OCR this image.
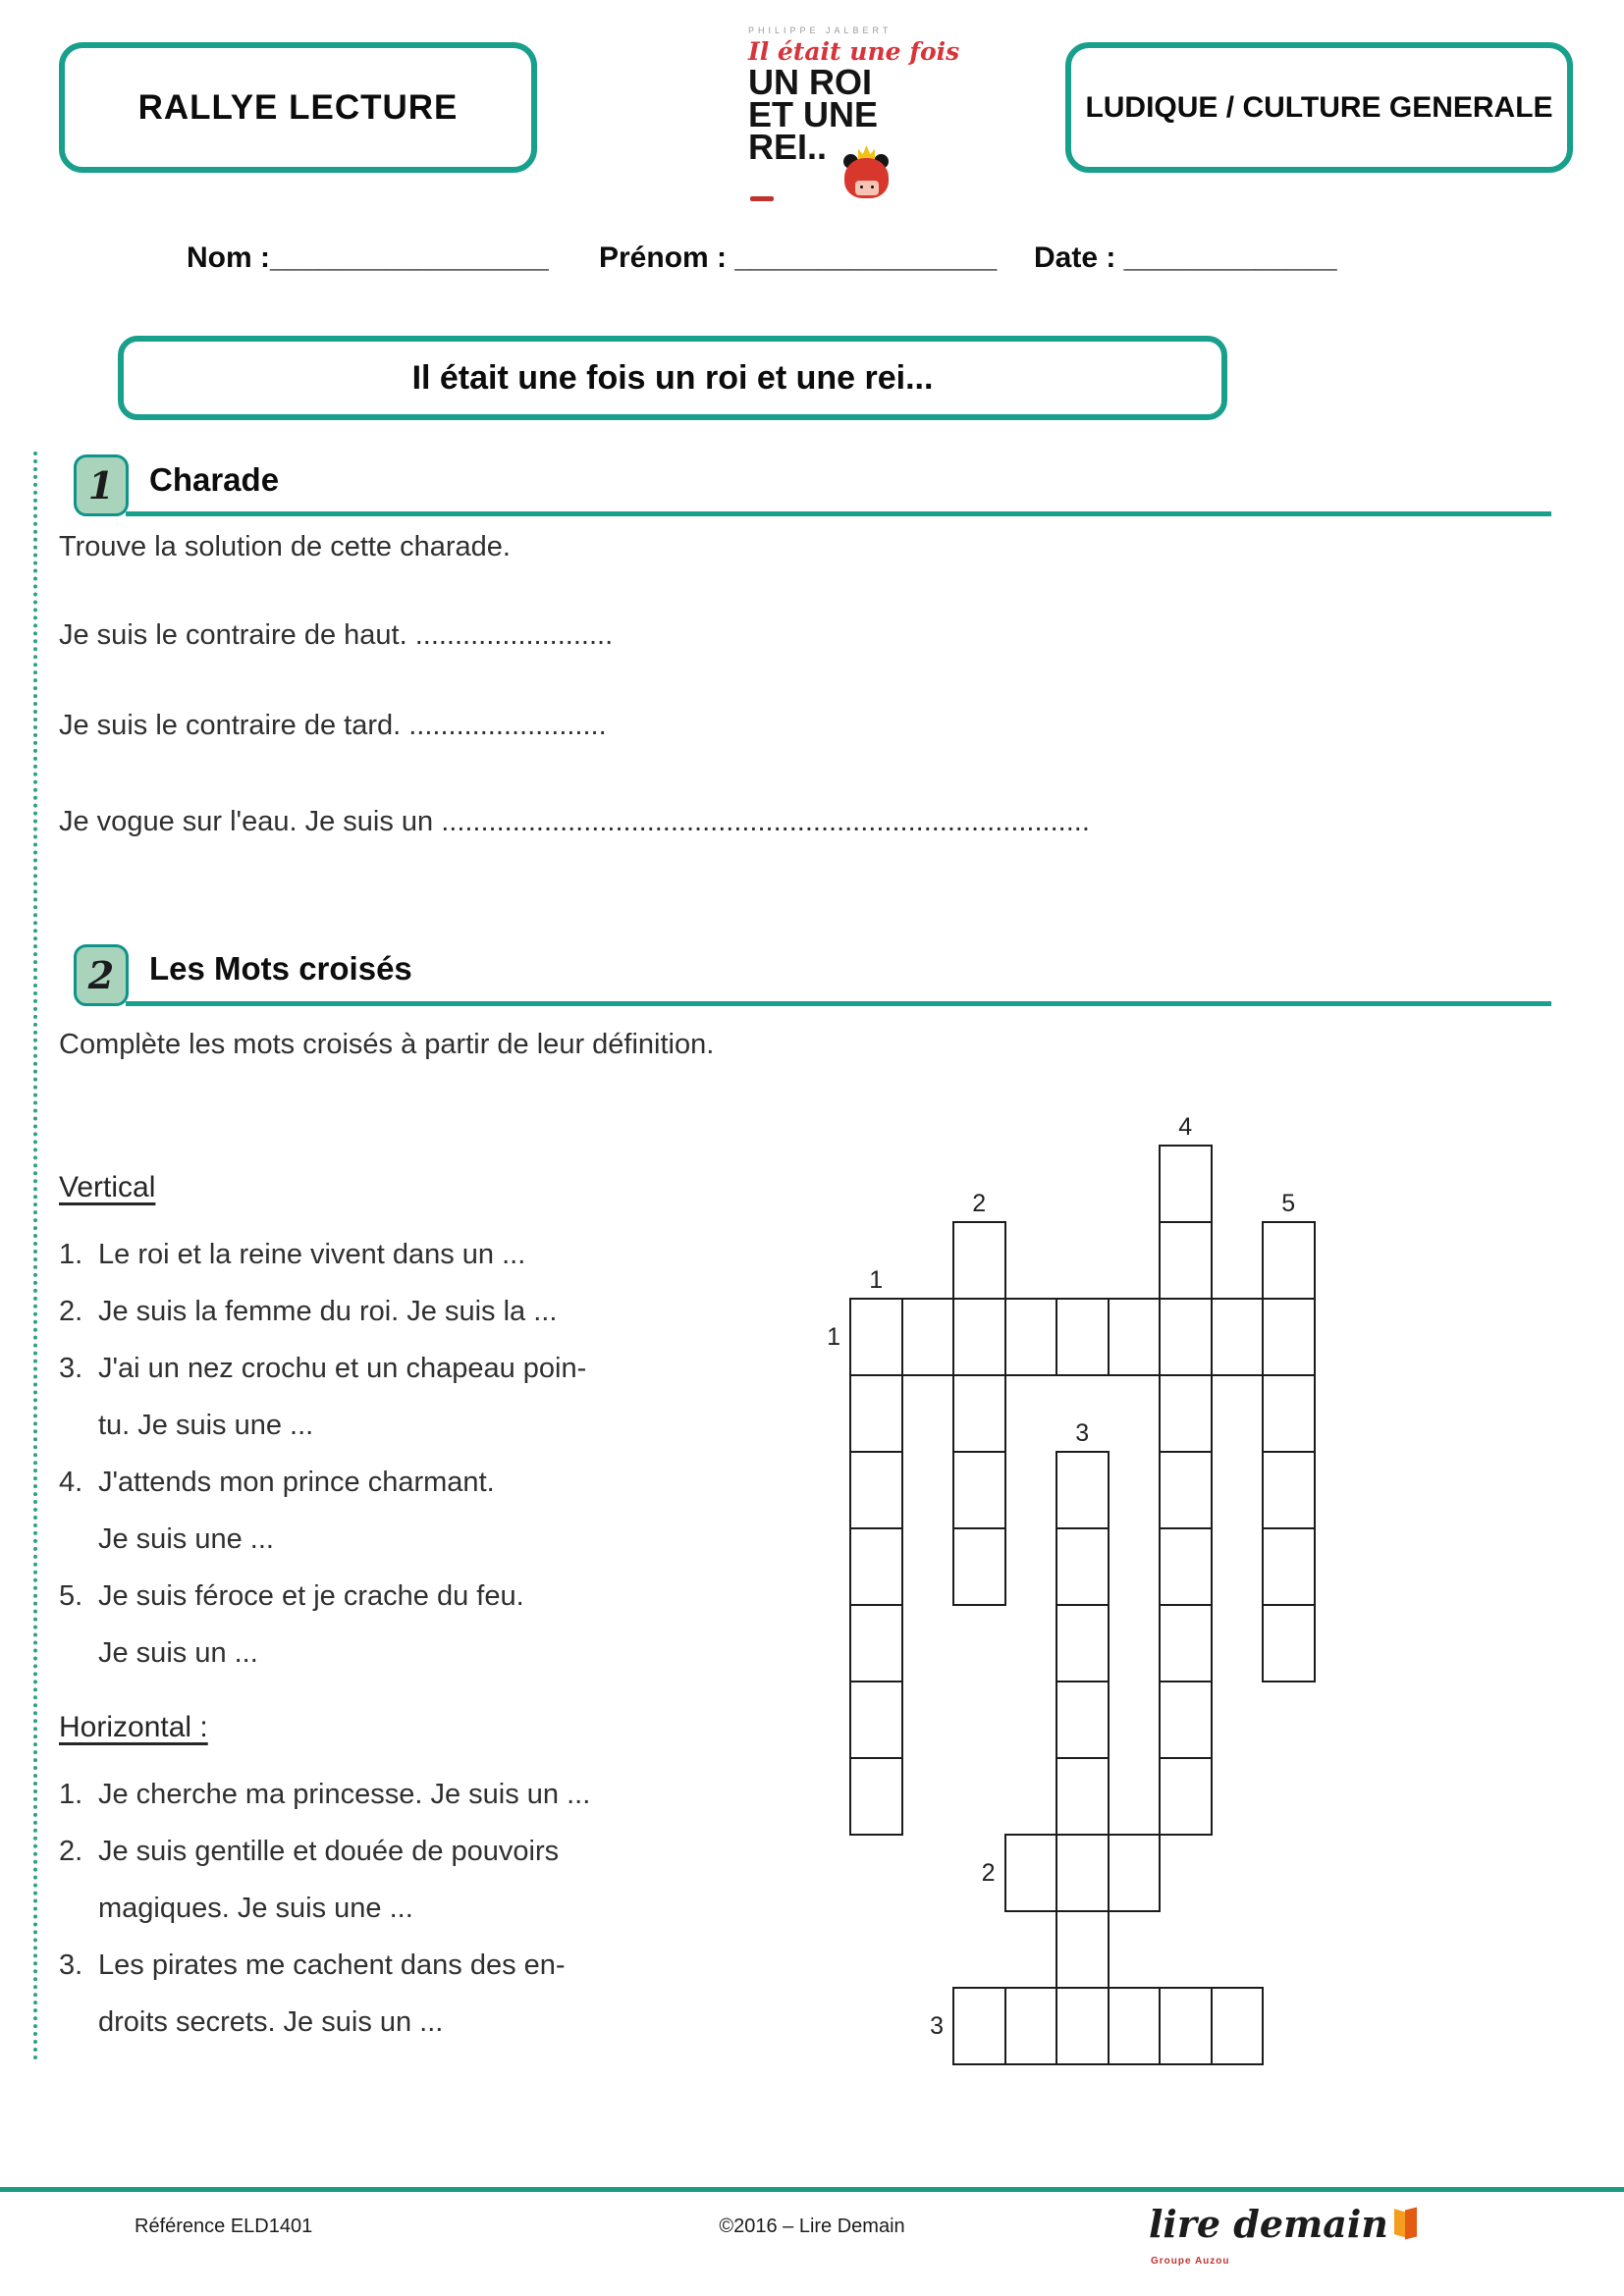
RALLYE LECTURE
PHILIPPE JALBERT
Il était une fois
UN ROI
ET UNE
REI..
LUDIQUE / CULTURE GENERALE
Nom :_________________ Prénom : ________________ Date : _____________
Il était une fois un roi et une rei...
1 Charade

Trouve la solution de cette charade.

Je suis le contraire de haut. .........................

Je suis le contraire de tard. .........................

Je vogue sur l'eau. Je suis un ..................................................................................

2 Les Mots croisés
Complète les mots croisés à partir de leur définition.

Vertical

1. Le roi et la reine vivent dans un ...
2. Je suis la femme du roi. Je suis la ...
3. J'ai un nez crochu et un chapeau poin-
tu. Je suis une ...
4. J'attends mon prince charmant.
Je suis une ...
5. Je suis féroce et je crache du feu.
Je suis un ...

Horizontal :

1. Je cherche ma princesse. Je suis un ...
2. Je suis gentille et douée de pouvoirs
magiques. Je suis une ...
3. Les pirates me cachent dans des en-
droits secrets. Je suis un ...
4
2	5
1
3
1
2
3
Référence ELD1401	©2016 – Lire Demain	lire demain
Groupe Auzou
